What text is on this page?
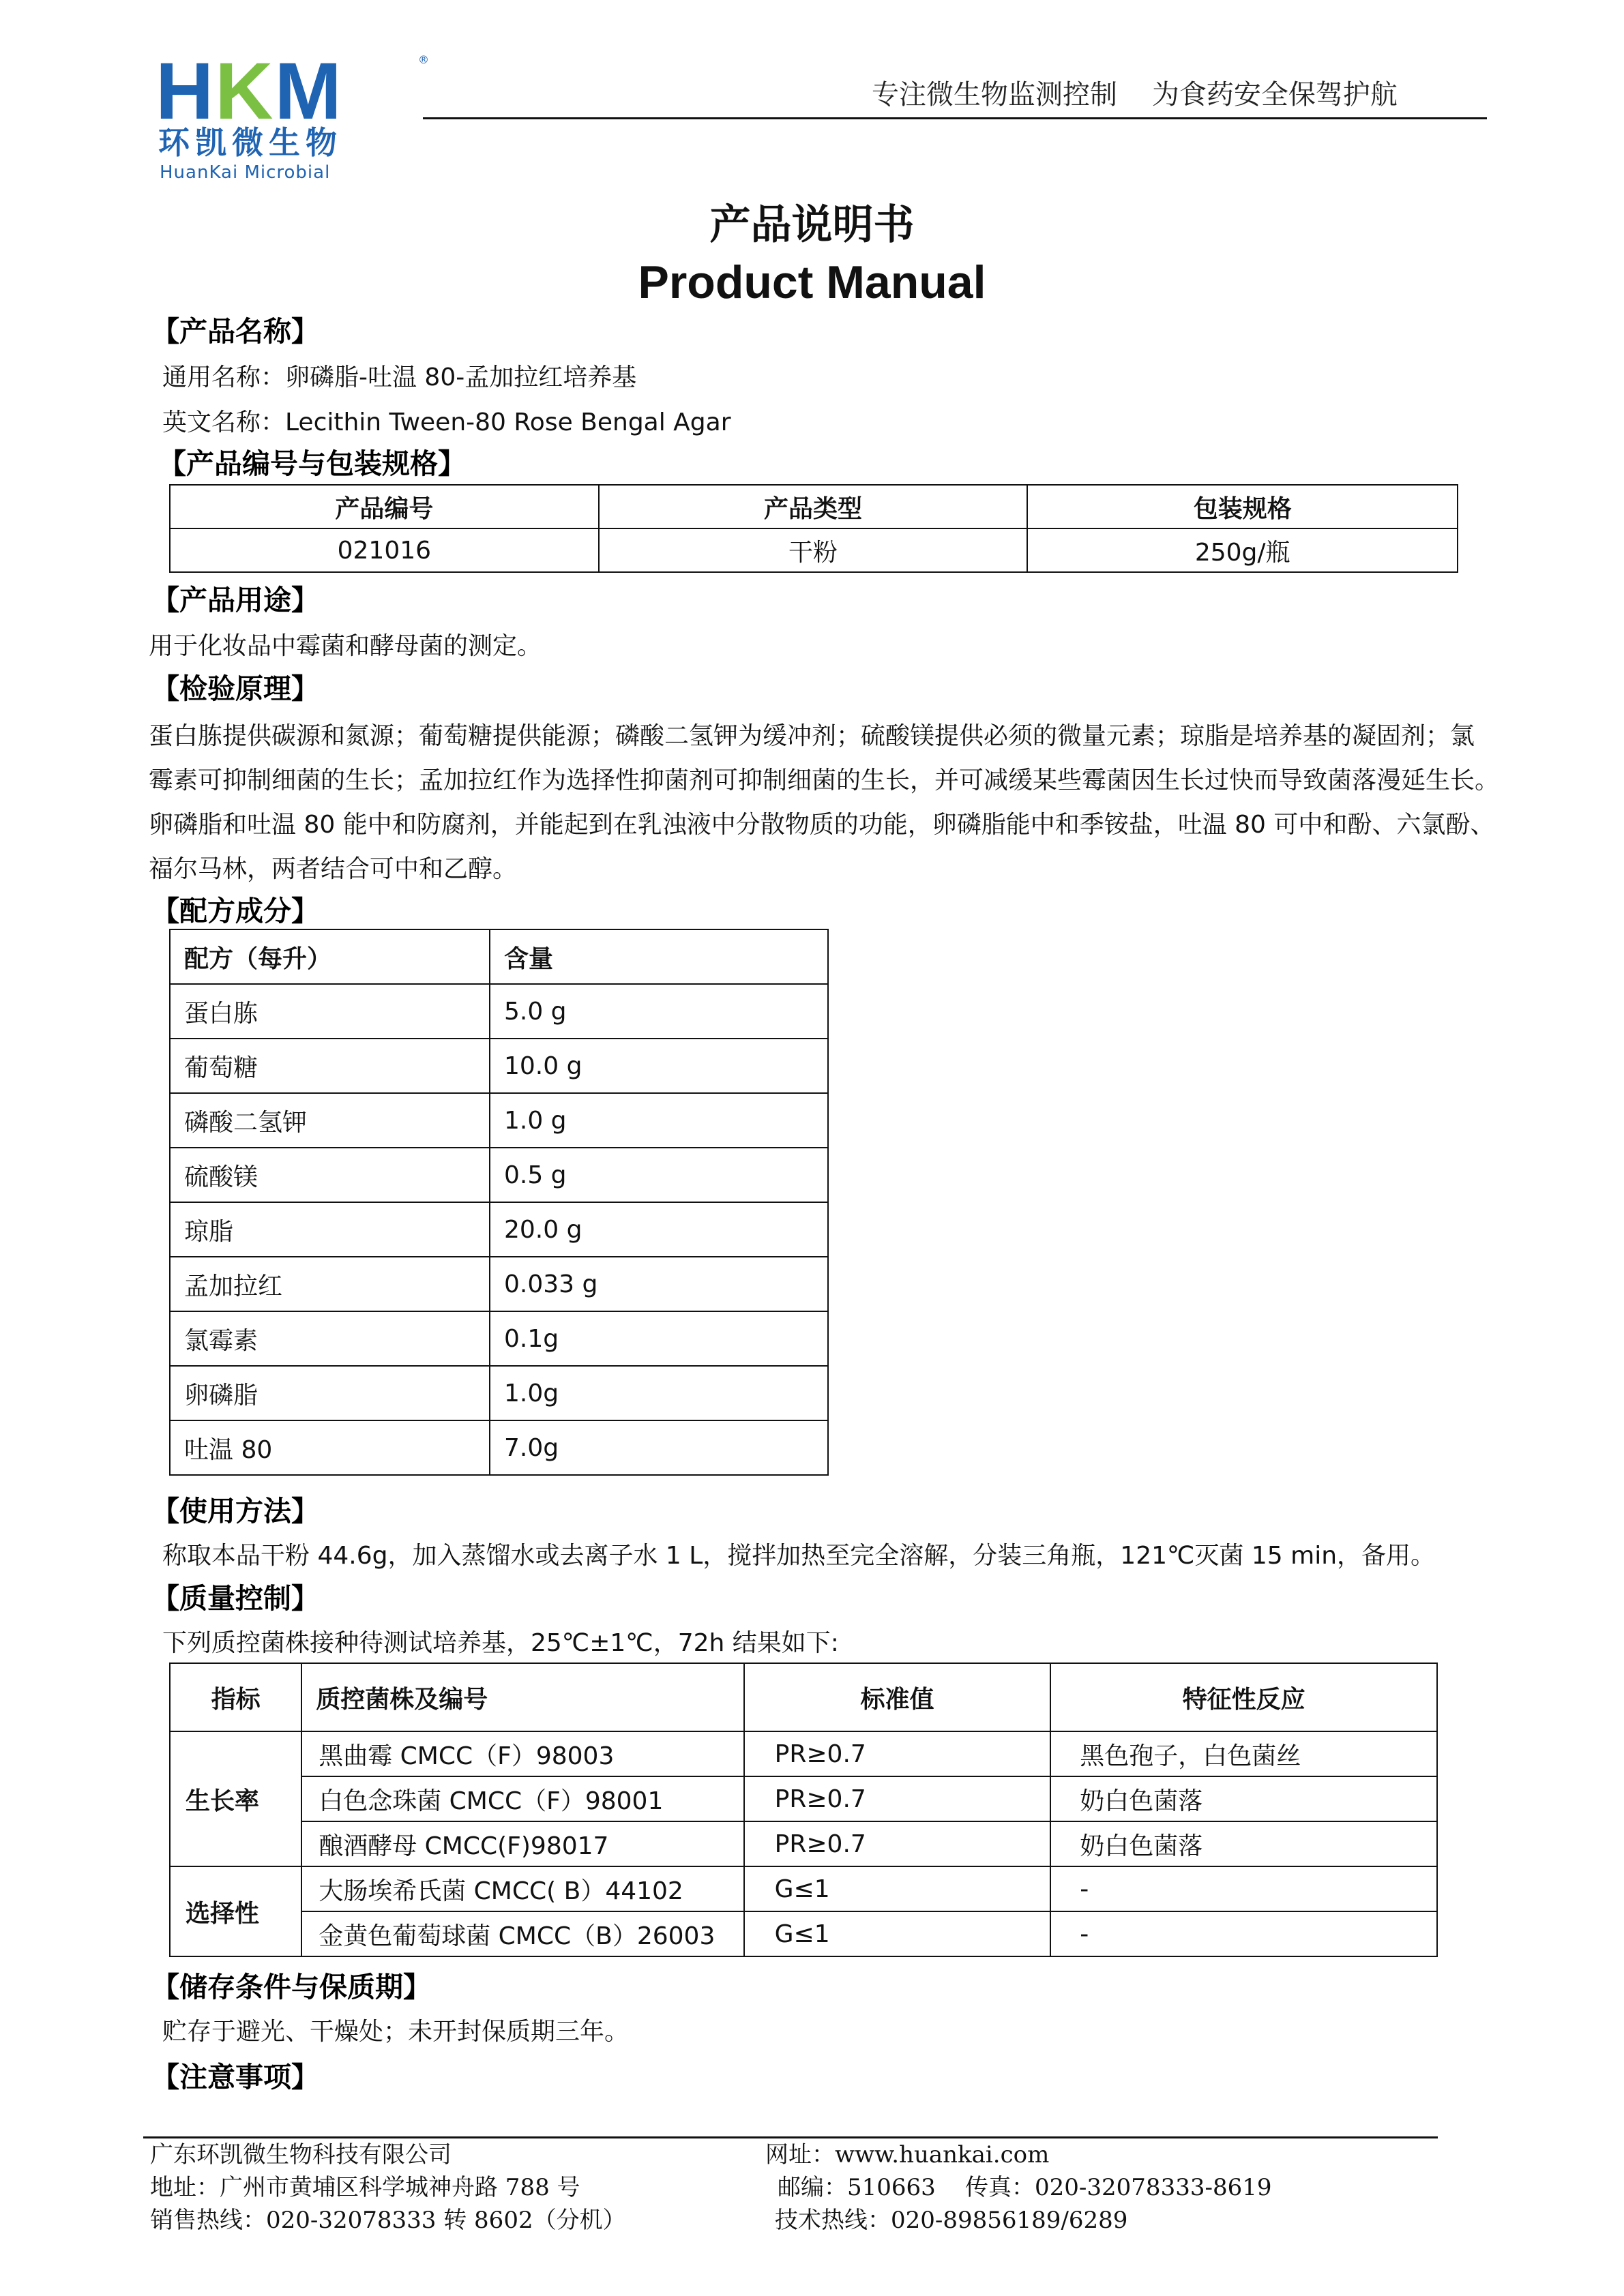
HKM	®
环凯微生物
HuanKai Microbial
专注微生物监测控制    为食药安全保驾护航
产品说明书
Product Manual
【产品名称】
通用名称：卵磷脂-吐温 80-孟加拉红培养基
英文名称：Lecithin Tween-80 Rose Bengal Agar
【产品编号与包装规格】
产品编号	产品类型	包装规格
021016	干粉	250g/瓶
【产品用途】
用于化妆品中霉菌和酵母菌的测定。
【检验原理】
蛋白胨提供碳源和氮源；葡萄糖提供能源；磷酸二氢钾为缓冲剂；硫酸镁提供必须的微量元素；琼脂是培养基的凝固剂；氯
霉素可抑制细菌的生长；孟加拉红作为选择性抑菌剂可抑制细菌的生长，并可减缓某些霉菌因生长过快而导致菌落漫延生长。
卵磷脂和吐温 80 能中和防腐剂，并能起到在乳浊液中分散物质的功能，卵磷脂能中和季铵盐，吐温 80 可中和酚、六氯酚、
福尔马林，两者结合可中和乙醇。
【配方成分】
配方（每升）	含量
蛋白胨	5.0 g
葡萄糖	10.0 g
磷酸二氢钾	1.0 g
硫酸镁	0.5 g
琼脂	20.0 g
孟加拉红	0.033 g
氯霉素	0.1g
卵磷脂	1.0g
吐温 80	7.0g
【使用方法】
称取本品干粉 44.6g，加入蒸馏水或去离子水 1 L，搅拌加热至完全溶解，分装三角瓶，121℃灭菌 15 min，备用。
【质量控制】
下列质控菌株接种待测试培养基，25℃±1℃，72h 结果如下:
指标	质控菌株及编号	标准值	特征性反应
生长率	黑曲霉 CMCC（F）98003	PR≥0.7	黑色孢子，白色菌丝
	白色念珠菌 CMCC（F）98001	PR≥0.7	奶白色菌落
	酿酒酵母 CMCC(F)98017	PR≥0.7	奶白色菌落
选择性	大肠埃希氏菌 CMCC( B）44102	G≤1	-
	金黄色葡萄球菌 CMCC（B）26003	G≤1	-
【储存条件与保质期】
贮存于避光、干燥处；未开封保质期三年。
【注意事项】
广东环凯微生物科技有限公司
地址：广州市黄埔区科学城神舟路 788 号
销售热线：020-32078333 转 8602（分机）
网址：www.huankai.com
邮编：510663    传真：020-32078333-8619
技术热线：020-89856189/6289
